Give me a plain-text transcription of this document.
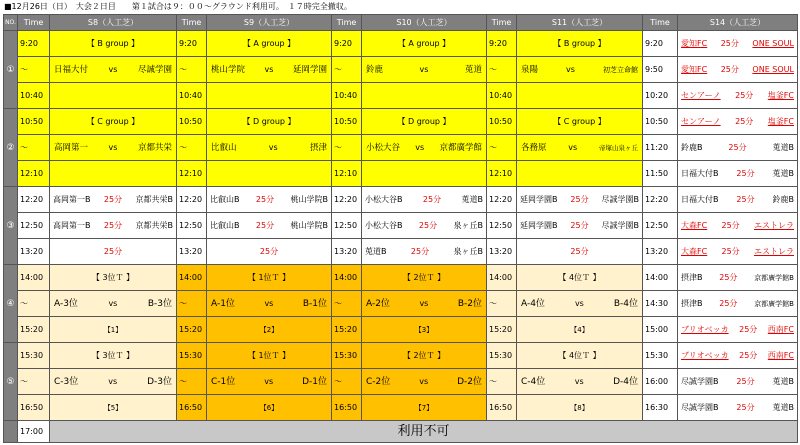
■12月26日（日）　大会２日目　　第１試合は９：００～グラウンド利用可。　１７時完全撤収。
NO.	Time	S8（人工芝）	Time	S9（人工芝）	Time	S10（人工芝）	Time	S11（人工芝）	Time	S14（人工芝）
①	9:20	【 B group 】	9:20	【 A group 】	9:20	【 A group 】	9:20	【 B group 】	9:20	愛知FC 25分 ONE SOUL

	～	日福大付 vs 尽誠学園	～	桃山学院 vs 延岡学園	～	鈴鹿 vs 莵道	～	泉陽 vs 初芝立命館	9:50	愛知FC 25分 ONE SOUL

	10:40		10:40		10:40		10:40		10:20	センアーノ 25分 塩釜FC

②	10:50	【 C group 】	10:50	【 D group 】	10:50	【 D group 】	10:50	【 C group 】	10:50	センアーノ 25分 塩釜FC

	～	高岡第一 vs 京都共栄	～	比叡山 vs 摂津	～	小松大谷 vs 京都廣学館	～	各務原 vs 帝塚山泉ヶ丘	11:20	鈴鹿B 25分 莵道B

	12:10		12:10		12:10		12:10		11:50	日福大付B 25分 莵道B

③	12:20	高岡第一B 25分 京都共栄B	12:20	比叡山B 25分 桃山学院B	12:20	小松大谷B 25分 莵道B	12:20	延岡学園B 25分 尽誠学園B	12:20	日福大付B 25分 鈴鹿B

	12:50	高岡第一B 25分 京都共栄B	12:50	比叡山B 25分 桃山学院B	12:50	小松大谷B 25分 泉ヶ丘B	12:50	延岡学園B 25分 尽誠学園B	12:50	大森FC 25分 エストレラ

	13:20	25分	13:20	25分	13:20	莵道B 25分 泉ヶ丘B	13:20	25分	13:20	大森FC 25分 エストレラ

④	14:00	【 3位Ｔ 】	14:00	【 1位Ｔ 】	14:00	【 2位Ｔ 】	14:00	【 4位Ｔ 】	14:00	摂津B 25分 京都廣学館B

	～	A-3位 vs B-3位	～	A-1位 vs B-1位	～	A-2位 vs B-2位	～	A-4位 vs B-4位	14:30	摂津B 25分 京都廣学館B

	15:20	【1】	15:20	【2】	15:20	【3】	15:20	【4】	15:00	ブリオベッカ 25分 西南FC

⑤	15:30	【 3位Ｔ 】	15:30	【 1位Ｔ 】	15:30	【 2位Ｔ 】	15:30	【 4位Ｔ 】	15:30	ブリオベッカ 25分 西南FC

	～	C-3位 vs D-3位	～	C-1位 vs D-1位	～	C-2位 vs D-2位	～	C-4位 vs D-4位	16:00	尽誠学園B 25分 莵道B

	16:50	【5】	16:50	【6】	16:50	【7】	16:50	【8】	16:30	尽誠学園B 25分 莵道B

	17:00	利用不可								
